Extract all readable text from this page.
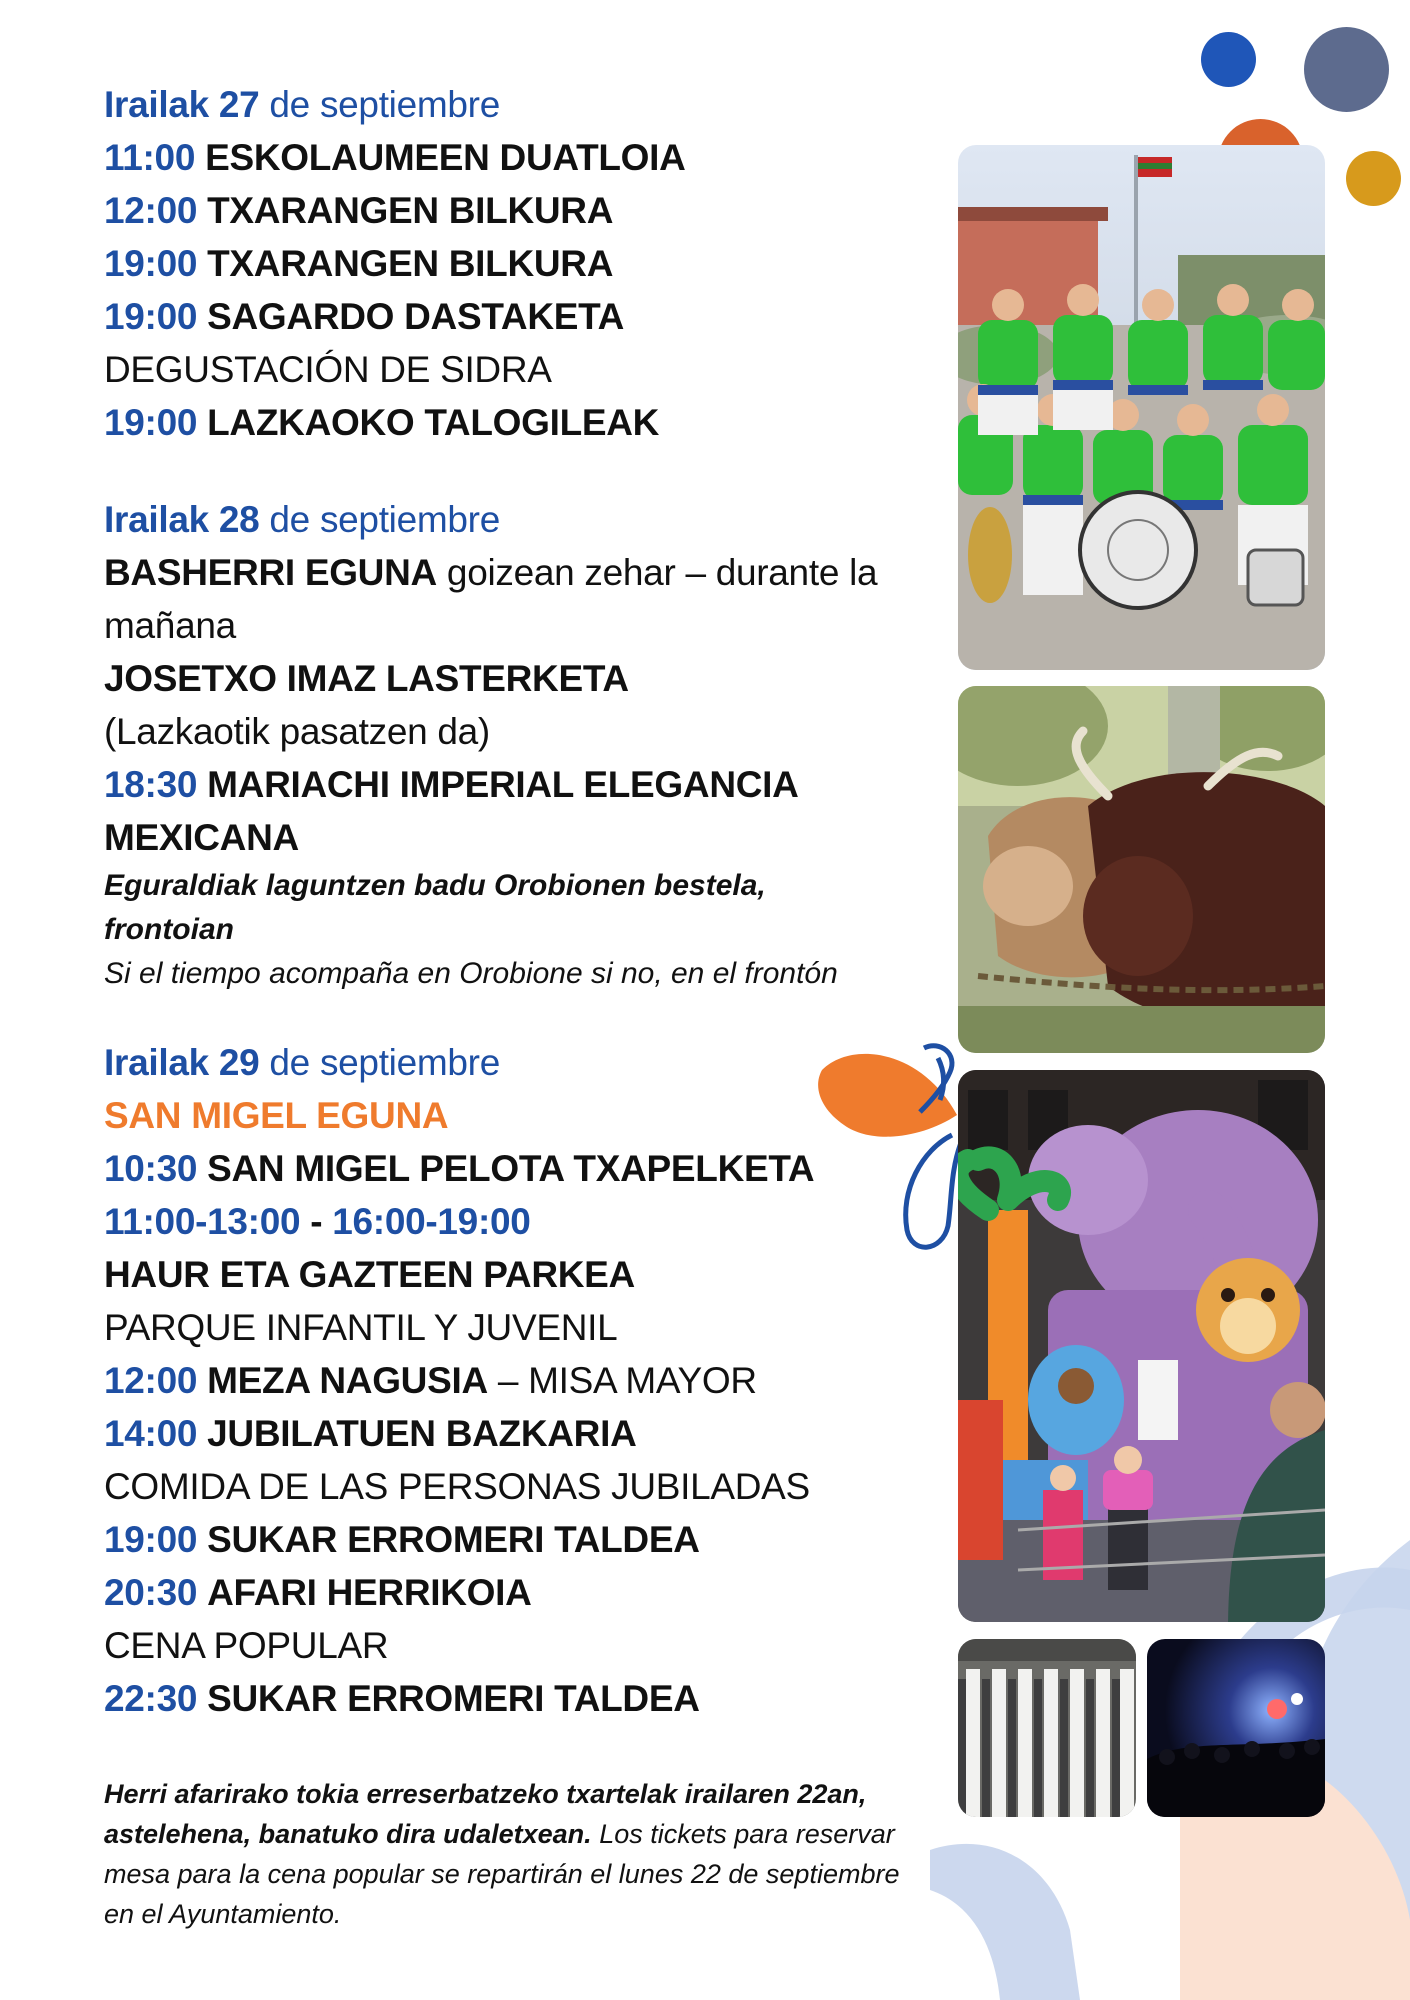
Irailak 27 de septiembre
11:00 ESKOLAUMEEN DUATLOIA
12:00 TXARANGEN BILKURA
19:00 TXARANGEN BILKURA
19:00 SAGARDO DASTAKETA
DEGUSTACIÓN DE SIDRA
19:00 LAZKAOKO TALOGILEAK
Irailak 28 de septiembre
BASHERRI EGUNA goizean zehar – durante la
mañana
JOSETXO IMAZ LASTERKETA
(Lazkaotik pasatzen da)
18:30 MARIACHI IMPERIAL ELEGANCIA
MEXICANA
Eguraldiak laguntzen badu Orobionen bestela,
frontoian
Si el tiempo acompaña en Orobione si no, en el frontón
Irailak 29 de septiembre
SAN MIGEL EGUNA
10:30 SAN MIGEL PELOTA TXAPELKETA
11:00-13:00 - 16:00-19:00
HAUR ETA GAZTEEN PARKEA
PARQUE INFANTIL Y JUVENIL
12:00 MEZA NAGUSIA – MISA MAYOR
14:00 JUBILATUEN BAZKARIA
COMIDA DE LAS PERSONAS JUBILADAS
19:00 SUKAR ERROMERI TALDEA
20:30 AFARI HERRIKOIA
CENA POPULAR
22:30 SUKAR ERROMERI TALDEA
Herri afarirako tokia erreserbatzeko txartelak irailaren 22an, astelehena, banatuko dira udaletxean. Los tickets para reservar mesa para la cena popular se repartirán el lunes 22 de septiembre en el Ayuntamiento.
